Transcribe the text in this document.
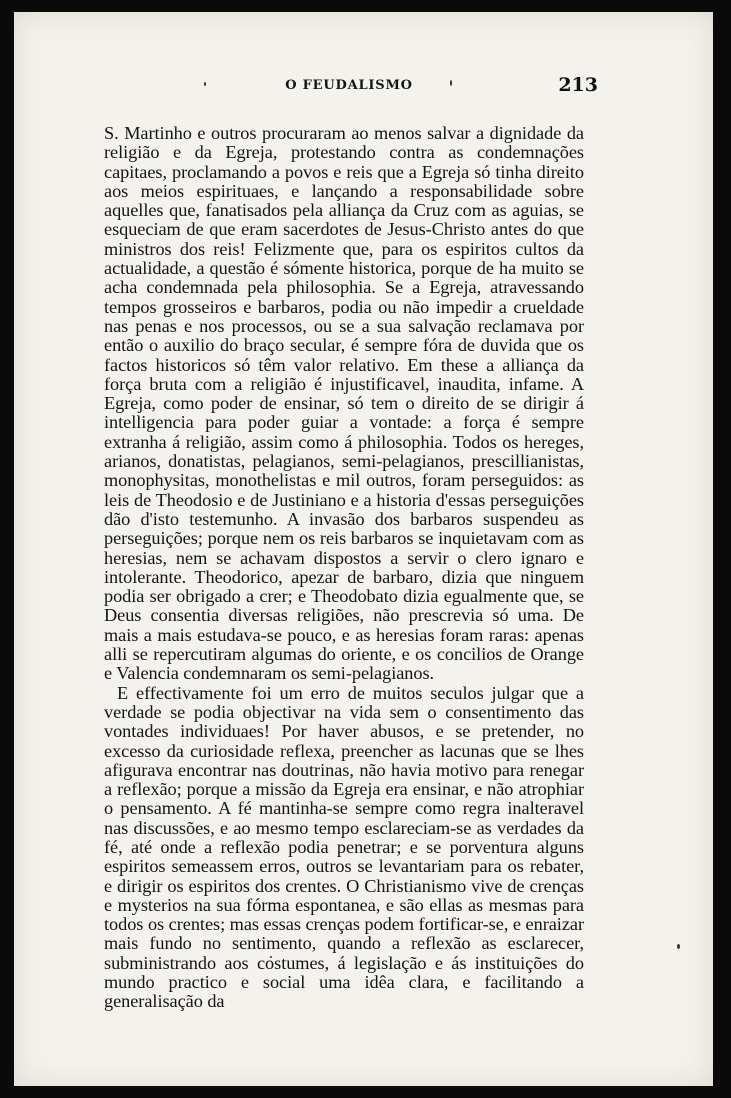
O FEUDALISMO	213

S. Martinho e outros procuraram ao menos salvar a dignidade da religião e da Egreja, protestando contra as condemnações capitaes, proclamando a povos e reis que a Egreja só tinha direito aos meios espirituaes, e lançando a responsabilidade sobre aquelles que, fanatisados pela alliança da Cruz com as aguias, se esqueciam de que eram sacerdotes de Jesus-Christo antes do que ministros dos reis! Felizmente que, para os espiritos cultos da actualidade, a questão é sómente historica, porque de ha muito se acha condemnada pela philosophia. Se a Egreja, atravessando tempos grosseiros e barbaros, podia ou não impedir a crueldade nas penas e nos processos, ou se a sua salvação reclamava por então o auxilio do braço secular, é sempre fóra de duvida que os factos historicos só têm valor relativo. Em these a alliança da força bruta com a religião é injustificavel, inaudita, infame. A Egreja, como poder de ensinar, só tem o direito de se dirigir á intelligencia para poder guiar a vontade: a força é sempre extranha á religião, assim como á philosophia. Todos os hereges, arianos, donatistas, pelagianos, semi-pelagianos, prescillianistas, monophysitas, monothelistas e mil outros, foram perseguidos: as leis de Theodosio e de Justiniano e a historia d'essas perseguições dão d'isto testemunho. A invasão dos barbaros suspendeu as perseguições; porque nem os reis barbaros se inquietavam com as heresias, nem se achavam dispostos a servir o clero ignaro e intolerante. Theodorico, apezar de barbaro, dizia que ninguem podia ser obrigado a crer; e Theodobato dizia egualmente que, se Deus consentia diversas religiões, não prescrevia só uma. De mais a mais estudava-se pouco, e as heresias foram raras: apenas alli se repercutiram algumas do oriente, e os concilios de Orange e Valencia condemnaram os semi-pelagianos.

E effectivamente foi um erro de muitos seculos julgar que a verdade se podia objectivar na vida sem o consentimento das vontades individuaes! Por haver abusos, e se pretender, no excesso da curiosidade reflexa, preencher as lacunas que se lhes afigurava encontrar nas doutrinas, não havia motivo para renegar a reflexão; porque a missão da Egreja era ensinar, e não atrophiar o pensamento. A fé mantinha-se sempre como regra inalteravel nas discussões, e ao mesmo tempo esclareciam-se as verdades da fé, até onde a reflexão podia penetrar; e se porventura alguns espiritos semeassem erros, outros se levantariam para os rebater, e dirigir os espiritos dos crentes. O Christianismo vive de crenças e mysterios na sua fórma espontanea, e são ellas as mesmas para todos os crentes; mas essas crenças podem fortificar-se, e enraizar mais fundo no sentimento, quando a reflexão as esclarecer, subministrando aos costumes, á legislação e ás instituições do mundo practico e social uma idêa clara, e facilitando a generalisação da
